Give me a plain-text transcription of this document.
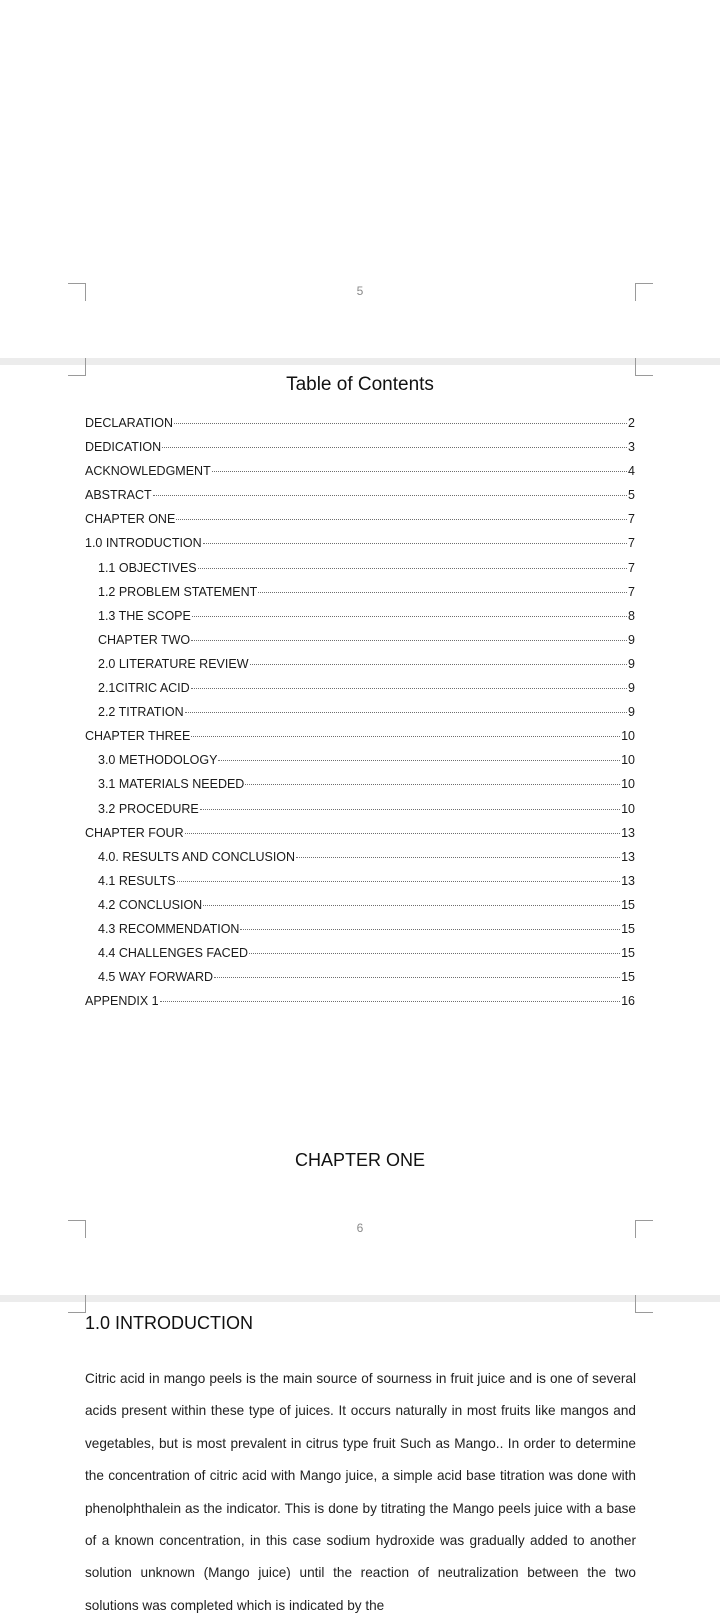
5
Table of Contents
DECLARATION	2
DEDICATION	3
ACKNOWLEDGMENT	4
ABSTRACT	5
CHAPTER ONE	7
1.0 INTRODUCTION	7
1.1 OBJECTIVES	7
1.2 PROBLEM STATEMENT	7
1.3 THE SCOPE	8
CHAPTER TWO	9
2.0 LITERATURE REVIEW	9
2.1CITRIC ACID	9
2.2 TITRATION	9
CHAPTER THREE	10
3.0 METHODOLOGY	10
3.1 MATERIALS NEEDED	10
3.2 PROCEDURE	10
CHAPTER FOUR	13
4.0. RESULTS AND CONCLUSION	13
4.1 RESULTS	13
4.2 CONCLUSION	15
4.3 RECOMMENDATION	15
4.4 CHALLENGES FACED	15
4.5 WAY FORWARD	15
APPENDIX 1	16
CHAPTER ONE
6
1.0 INTRODUCTION
Citric acid in mango peels is the main source of sourness in fruit juice and is one of several acids present within these type of juices. It occurs naturally in most fruits like mangos and vegetables, but is most prevalent in citrus type fruit Such as Mango.. In order to determine the concentration of citric acid with Mango juice, a simple acid base titration was done with phenolphthalein as the indicator. This is done by titrating the Mango peels juice with a base of a known concentration, in this case sodium hydroxide was gradually added to another solution unknown (Mango juice) until the reaction of neutralization between the two solutions was completed which is indicated by the
